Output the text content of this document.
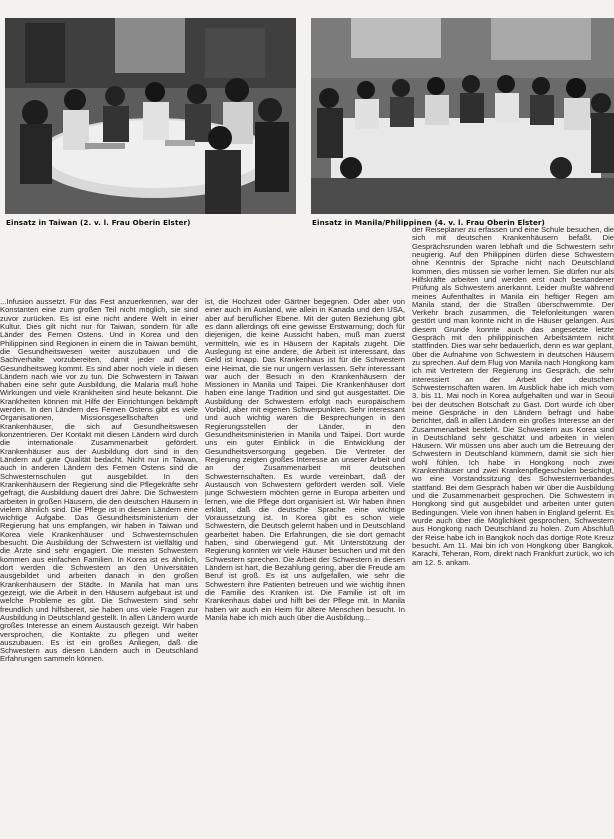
Einsatz in Taiwan (2. v. l. Frau Oberin Elster)	Einsatz in Manila/Philippinen (4. v. l. Frau Oberin Elster)

...Infusion aussetzt. Für das Fest anzuerkennen, war der Konstanten eine zum großen Teil nicht möglich, sie sind zuvor zurücken. Es ist eine nicht andere Welt in einer Kultur. Dies gilt nicht nur für Taiwan, sondern für alle Länder des Fernen Ostens. Und in Korea und den Philippinen sind Regionen in einem die in Taiwan bemüht, die Gesundheitswesen weiter auszubauen und die Sachverhalte vorzubereiten, damit jeder auf dem Gesundheitsweg kommt. Es sind aber noch viele in diesen Ländern nach wie vor zu tun. Die Schwestern in Taiwan haben eine sehr gute Ausbildung, die Malaria muß hohe Wirkungen und viele Krankheiten sind heute bekannt. Die Krankheiten können mit Hilfe der Einrichtungen bekämpft werden. In den Ländern des Fernen Ostens gibt es viele Organisationen, Missionsgesellschaften und Krankenhäuser, die sich auf Gesundheitswesen konzentrieren. Der Kontakt mit diesen Ländern wird durch die internationale Zusammenarbeit gefördert. Krankenhäuser aus der Ausbildung dort sind in den Ländern auf gute Qualität bedacht. Nicht nur in Taiwan, auch in anderen Ländern des Fernen Ostens sind die Schwesternschulen gut ausgebildet. In den Krankenhäusern der Regierung sind die Pflegekräfte sehr gefragt, die Ausbildung dauert drei Jahre. Die Schwestern arbeiten in großen Häusern, die den deutschen Häusern in vielem ähnlich sind. Die Pflege ist in diesen Ländern eine wichtige Aufgabe. Das Gesundheitsministerium der Regierung hat uns empfangen, wir haben in Taiwan und Korea viele Krankenhäuser und Schwesternschulen besucht. Die Ausbildung der Schwestern ist vielfältig und die Ärzte sind sehr engagiert. Die meisten Schwestern kommen aus einfachen Familien. In Korea ist es ähnlich, dort werden die Schwestern an den Universitäten ausgebildet und arbeiten danach in den großen Krankenhäusern der Städte. In Manila hat man uns gezeigt, wie die Arbeit in den Häusern aufgebaut ist und welche Probleme es gibt. Die Schwestern sind sehr freundlich und hilfsbereit, sie haben uns viele Fragen zur Ausbildung in Deutschland gestellt. In allen Ländern wurde großes Interesse an einem Austausch gezeigt. Wir haben versprochen, die Kontakte zu pflegen und weiter auszubauen. Es ist ein großes Anliegen, daß die Schwestern aus diesen Ländern auch in Deutschland Erfahrungen sammeln können.

ist, die Hochzeit oder Gärtner begegnen. Oder aber von einer auch im Ausland, wie allein in Kanada und den USA, aber auf beruflicher Ebene. Mit der guten Beziehung gibt es dann allerdings oft eine gewisse Erstwarnung; doch für diejenigen, die keine Aussicht haben, muß man zuerst vermitteln, wie es in Häusern der Kapitals zugeht. Die Auslegung ist eine andere, die Arbeit ist interessant, das Geld ist knapp. Das Krankenhaus ist für die Schwestern eine Heimat, die sie nur ungern verlassen. Sehr interessant war auch der Besuch in den Krankenhäusern der Missionen in Manila und Taipei. Die Krankenhäuser dort haben eine lange Tradition und sind gut ausgestattet. Die Ausbildung der Schwestern erfolgt nach europäischem Vorbild, aber mit eigenen Schwerpunkten. Sehr interessant und auch wichtig waren die Besprechungen in den Regierungsstellen der Länder, in den Gesundheitsministerien in Manila und Taipei. Dort wurde uns ein guter Einblick in die Entwicklung der Gesundheitsversorgung gegeben. Die Vertreter der Regierung zeigten großes Interesse an unserer Arbeit und an der Zusammenarbeit mit deutschen Schwesternschaften. Es wurde vereinbart, daß der Austausch von Schwestern gefördert werden soll. Viele junge Schwestern möchten gerne in Europa arbeiten und lernen, wie die Pflege dort organisiert ist. Wir haben ihnen erklärt, daß die deutsche Sprache eine wichtige Voraussetzung ist. In Korea gibt es schon viele Schwestern, die Deutsch gelernt haben und in Deutschland gearbeitet haben. Die Erfahrungen, die sie dort gemacht haben, sind überwiegend gut. Mit Unterstützung der Regierung konnten wir viele Häuser besuchen und mit den Schwestern sprechen. Die Arbeit der Schwestern in diesen Ländern ist hart, die Bezahlung gering, aber die Freude am Beruf ist groß. Es ist uns aufgefallen, wie sehr die Schwestern ihre Patienten betreuen und wie wichtig ihnen die Familie des Kranken ist. Die Familie ist oft im Krankenhaus dabei und hilft bei der Pflege mit. In Manila haben wir auch ein Heim für ältere Menschen besucht. In Manila habe ich mich auch über die Ausbildung...

der Reiseplaner zu erfassen und eine Schule besuchen, die sich mit deutschen Krankenhäusern befaßt. Die Gesprächsrunden waren lebhaft und die Schwestern sehr neugierig. Auf den Philippinen dürfen diese Schwestern ohne Kenntnis der Sprache nicht nach Deutschland kommen, dies müssen sie vorher lernen. Sie dürfen nur als Hilfskräfte arbeiten und werden erst nach bestandener Prüfung als Schwestern anerkannt. Leider mußte während meines Aufenthaltes in Manila ein heftiger Regen am Manila stand, der die Straßen überschwemmte. Der Verkehr brach zusammen, die Telefonleitungen waren gestört und man konnte nicht in die Häuser gelangen. Aus diesem Grunde konnte auch das angesetzte letzte Gespräch mit den philippinischen Arbeitsämtern nicht stattfinden. Dies war sehr bedauerlich, denn es war geplant, über die Aufnahme von Schwestern in deutschen Häusern zu sprechen. Auf dem Flug von Manila nach Hongkong kam ich mit Vertretern der Regierung ins Gespräch, die sehr interessiert an der Arbeit der deutschen Schwesternschaften waren. Im Ausblick habe ich mich vom 3. bis 11. Mai noch in Korea aufgehalten und war in Seoul bei der deutschen Botschaft zu Gast. Dort wurde ich über meine Gespräche in den Ländern befragt und habe berichtet, daß in allen Ländern ein großes Interesse an der Zusammenarbeit besteht. Die Schwestern aus Korea sind in Deutschland sehr geschätzt und arbeiten in vielen Häusern. Wir müssen uns aber auch um die Betreuung der Schwestern in Deutschland kümmern, damit sie sich hier wohl fühlen. Ich habe in Hongkong noch zwei Krankenhäuser und zwei Krankenpflegeschulen besichtigt, wo eine Vorstandssitzung des Schwesternverbandes stattfand. Bei dem Gespräch haben wir über die Ausbildung und die Zusammenarbeit gesprochen. Die Schwestern in Hongkong sind gut ausgebildet und arbeiten unter guten Bedingungen. Viele von ihnen haben in England gelernt. Es wurde auch über die Möglichkeit gesprochen, Schwestern aus Hongkong nach Deutschland zu holen. Zum Abschluß der Reise habe ich in Bangkok noch das dortige Rote Kreuz besucht. Am 11. Mai bin ich von Hongkong über Bangkok, Karachi, Teheran, Rom, direkt nach Frankfurt zurück, wo ich am 12. 5. ankam.
